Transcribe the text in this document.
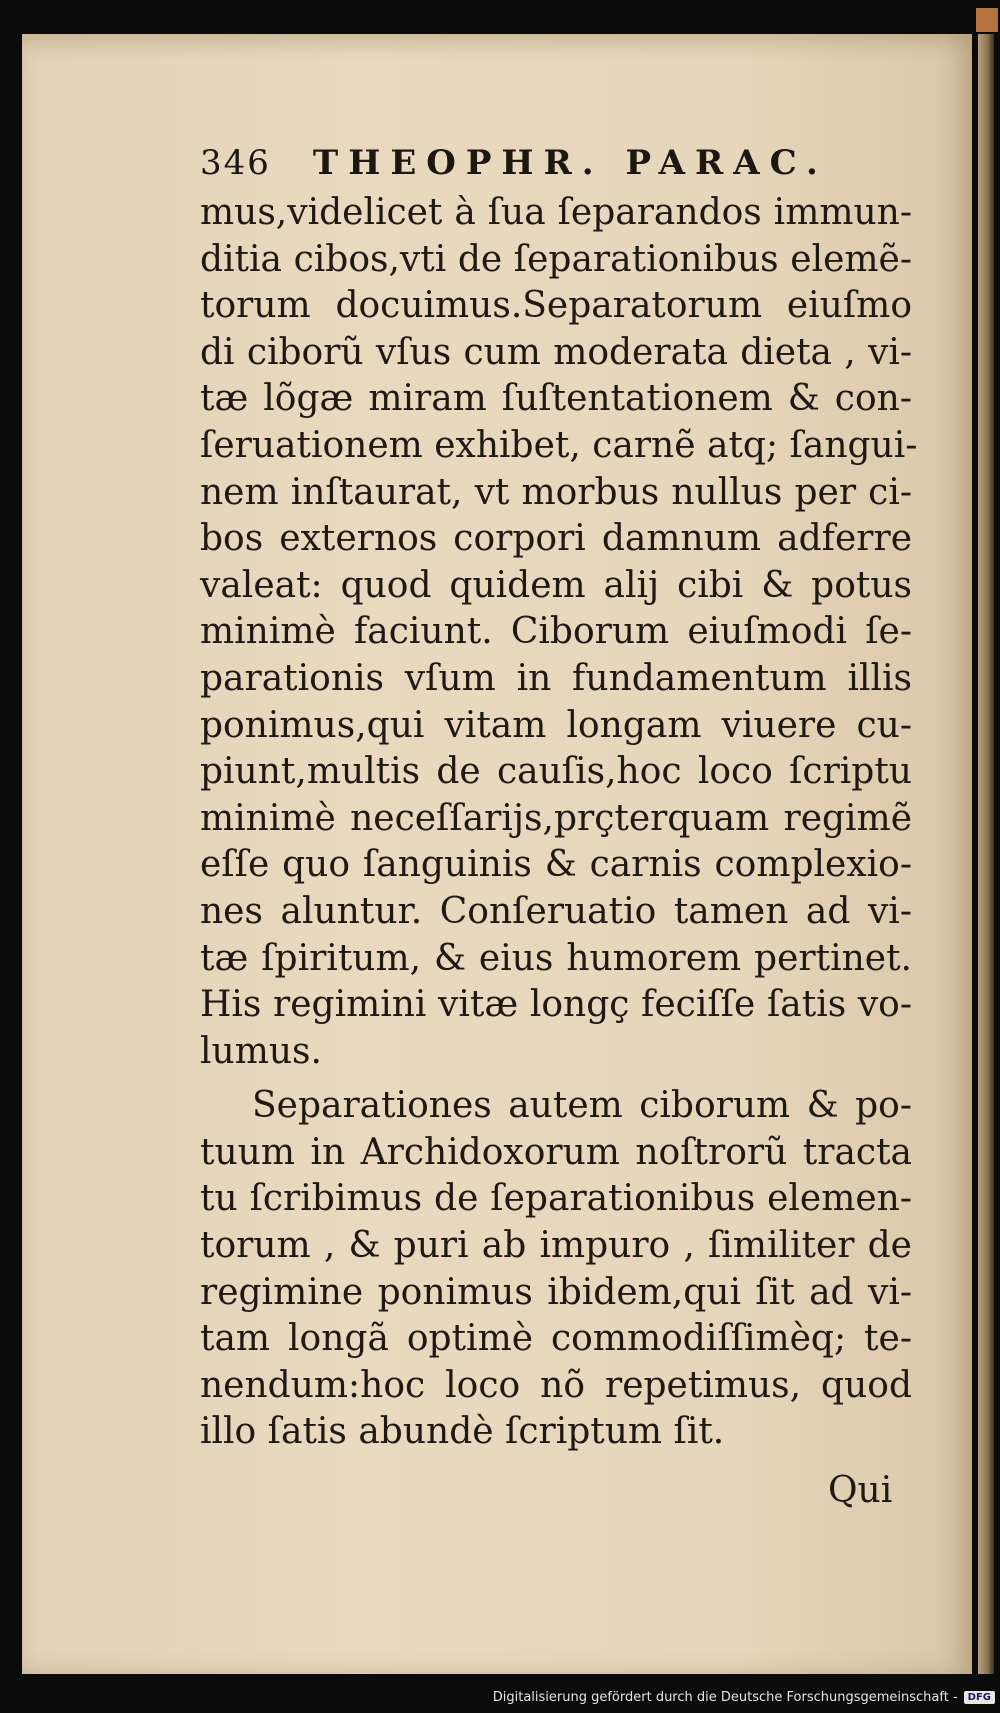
346 THEOPHR. PARAC.
mus,videlicet à ſua ſeparandos immun-
ditia cibos,vti de ſeparationibus elemẽ-
torum docuimus.Separatorum eiuſmo
di ciborũ vſus cum moderata dieta , vi-
tæ lõgæ miram ſuſtentationem & con-
ſeruationem exhibet, carnẽ atq; ſangui-
nem inſtaurat, vt morbus nullus per ci-
bos externos corpori damnum adferre
valeat: quod quidem alij cibi & potus
minimè faciunt. Ciborum eiuſmodi ſe-
parationis vſum in fundamentum illis
ponimus,qui vitam longam viuere cu-
piunt,multis de cauſis,hoc loco ſcriptu
minimè neceſſarijs,prçterquam regimẽ
eſſe quo ſanguinis & carnis complexio-
nes aluntur. Conſeruatio tamen ad vi-
tæ ſpiritum, & eius humorem pertinet.
His regimini vitæ longç feciſſe ſatis vo-
lumus.
Separationes autem ciborum & po-
tuum in Archidoxorum noſtrorũ tracta
tu ſcribimus de ſeparationibus elemen-
torum , & puri ab impuro , ſimiliter de
regimine ponimus ibidem,qui ſit ad vi-
tam longã optimè commodiſſimèq; te-
nendum:hoc loco nõ repetimus, quod
illo ſatis abundè ſcriptum ſit.
Qui
Digitalisierung gefördert durch die Deutsche Forschungsgemeinschaft -	DFG
